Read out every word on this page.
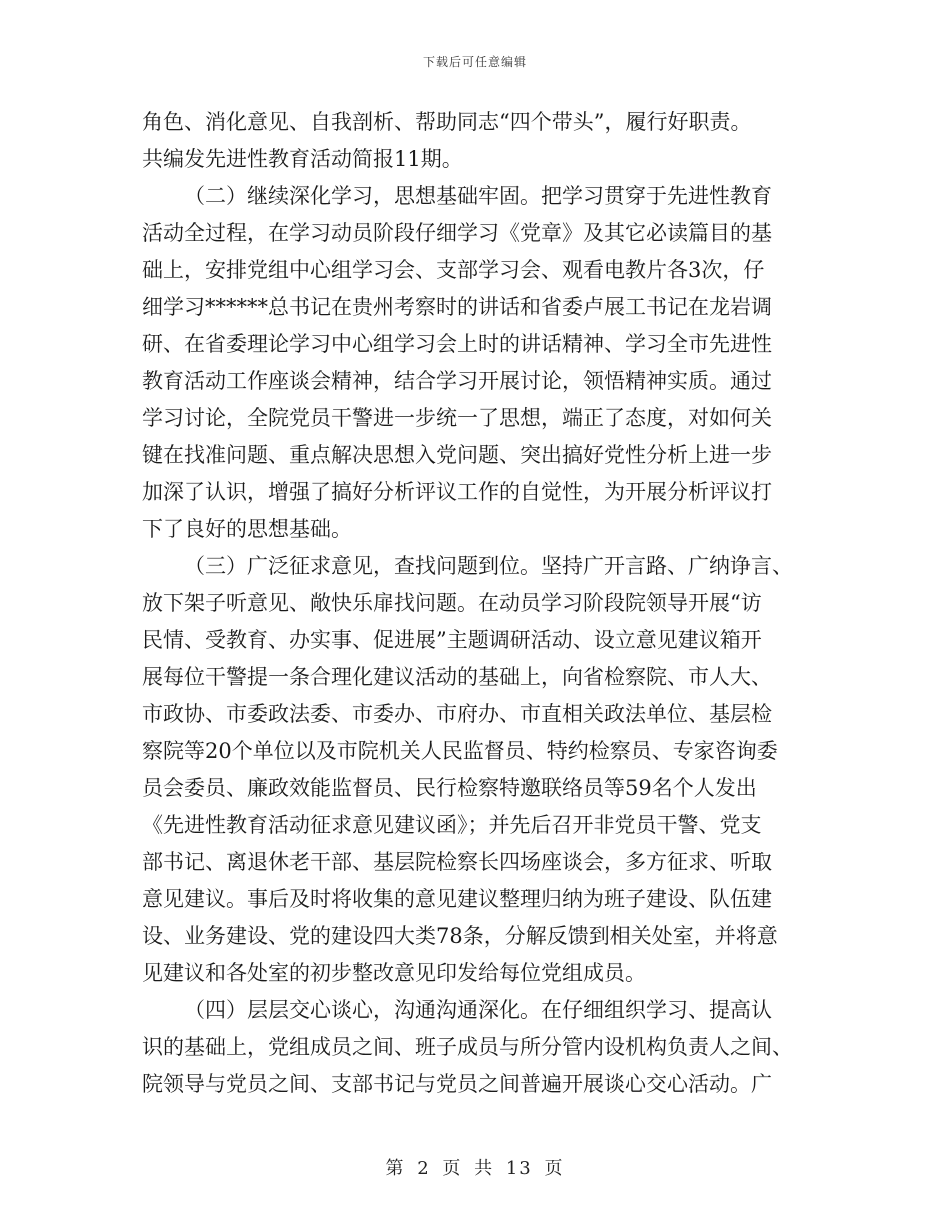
下载后可任意编辑
角色、消化意见、自我剖析、帮助同志“四个带头”，履行好职责。
共编发先进性教育活动简报11期。
（二）继续深化学习，思想基础牢固。把学习贯穿于先进性教育
活动全过程，在学习动员阶段仔细学习《党章》及其它必读篇目的基
础上，安排党组中心组学习会、支部学习会、观看电教片各3次，仔
细学习******总书记在贵州考察时的讲话和省委卢展工书记在龙岩调
研、在省委理论学习中心组学习会上时的讲话精神、学习全市先进性
教育活动工作座谈会精神，结合学习开展讨论，领悟精神实质。通过
学习讨论，全院党员干警进一步统一了思想，端正了态度，对如何关
键在找准问题、重点解决思想入党问题、突出搞好党性分析上进一步
加深了认识，增强了搞好分析评议工作的自觉性，为开展分析评议打
下了良好的思想基础。
（三）广泛征求意见，查找问题到位。坚持广开言路、广纳诤言、
放下架子听意见、敞快乐扉找问题。在动员学习阶段院领导开展“访
民情、受教育、办实事、促进展”主题调研活动、设立意见建议箱开
展每位干警提一条合理化建议活动的基础上，向省检察院、市人大、
市政协、市委政法委、市委办、市府办、市直相关政法单位、基层检
察院等20个单位以及市院机关人民监督员、特约检察员、专家咨询委
员会委员、廉政效能监督员、民行检察特邀联络员等59名个人发出
《先进性教育活动征求意见建议函》；并先后召开非党员干警、党支
部书记、离退休老干部、基层院检察长四场座谈会，多方征求、听取
意见建议。事后及时将收集的意见建议整理归纳为班子建设、队伍建
设、业务建设、党的建设四大类78条，分解反馈到相关处室，并将意
见建议和各处室的初步整改意见印发给每位党组成员。
（四）层层交心谈心，沟通沟通深化。在仔细组织学习、提高认
识的基础上，党组成员之间、班子成员与所分管内设机构负责人之间、
院领导与党员之间、支部书记与党员之间普遍开展谈心交心活动。广
第 2 页 共 13 页
